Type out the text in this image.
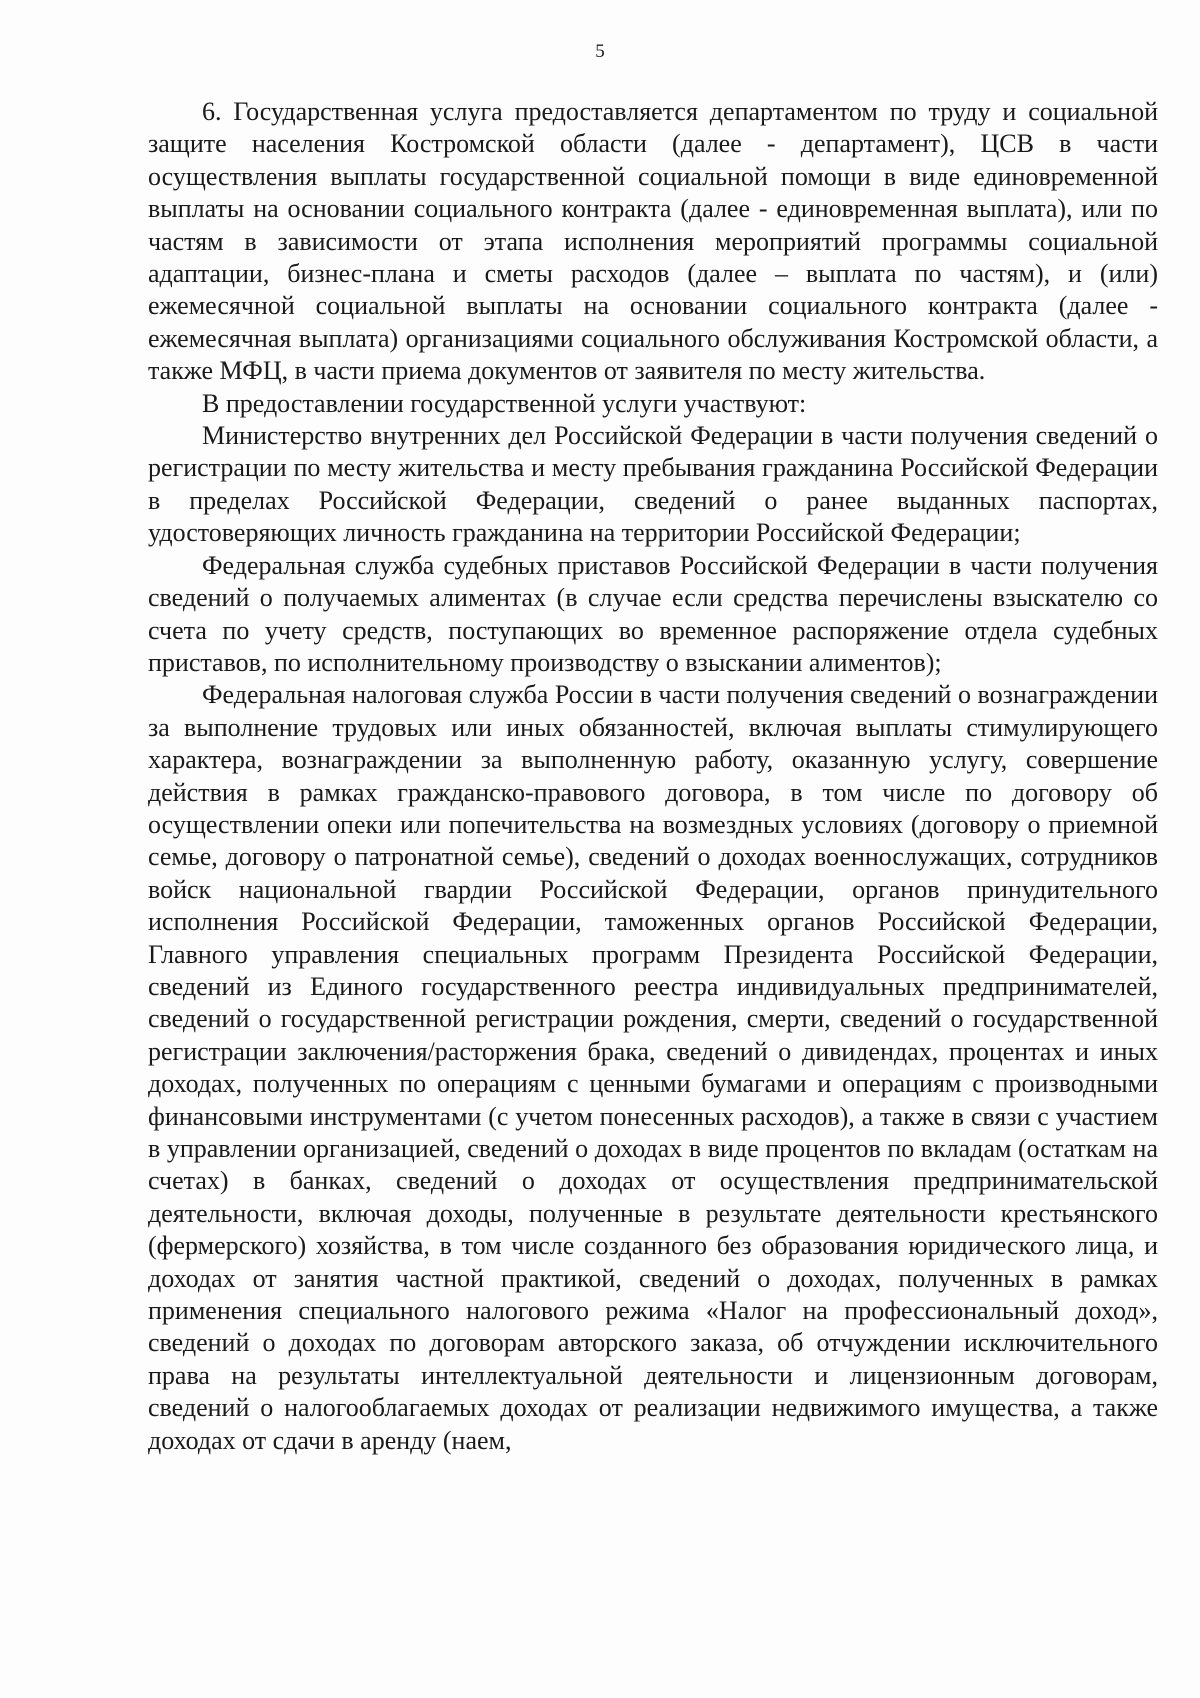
5

6. Государственная услуга предоставляется департаментом по труду и социальной защите населения Костромской области (далее - департамент), ЦСВ в части осуществления выплаты государственной социальной помощи в виде единовременной выплаты на основании социального контракта (далее - единовременная выплата), или по частям в зависимости от этапа исполнения мероприятий программы социальной адаптации, бизнес-плана и сметы расходов (далее – выплата по частям), и (или) ежемесячной социальной выплаты на основании социального контракта (далее - ежемесячная выплата) организациями социального обслуживания Костромской области, а также МФЦ, в части приема документов от заявителя по месту жительства.

В предоставлении государственной услуги участвуют:

Министерство внутренних дел Российской Федерации в части получения сведений о регистрации по месту жительства и месту пребывания гражданина Российской Федерации в пределах Российской Федерации, сведений о ранее выданных паспортах, удостоверяющих личность гражданина на территории Российской Федерации;

Федеральная служба судебных приставов Российской Федерации в части получения сведений о получаемых алиментах (в случае если средства перечислены взыскателю со счета по учету средств, поступающих во временное распоряжение отдела судебных приставов, по исполнительному производству о взыскании алиментов);

Федеральная налоговая служба России в части получения сведений о вознаграждении за выполнение трудовых или иных обязанностей, включая выплаты стимулирующего характера, вознаграждении за выполненную работу, оказанную услугу, совершение действия в рамках гражданско-правового договора, в том числе по договору об осуществлении опеки или попечительства на возмездных условиях (договору о приемной семье, договору о патронатной семье), сведений о доходах военнослужащих, сотрудников войск национальной гвардии Российской Федерации, органов принудительного исполнения Российской Федерации, таможенных органов Российской Федерации, Главного управления специальных программ Президента Российской Федерации, сведений из Единого государственного реестра индивидуальных предпринимателей, сведений о государственной регистрации рождения, смерти, сведений о государственной регистрации заключения/расторжения брака, сведений о дивидендах, процентах и иных доходах, полученных по операциям с ценными бумагами и операциям с производными финансовыми инструментами (с учетом понесенных расходов), а также в связи с участием в управлении организацией, сведений о доходах в виде процентов по вкладам (остаткам на счетах) в банках, сведений о доходах от осуществления предпринимательской деятельности, включая доходы, полученные в результате деятельности крестьянского (фермерского) хозяйства, в том числе созданного без образования юридического лица, и доходах от занятия частной практикой, сведений о доходах, полученных в рамках применения специального налогового режима «Налог на профессиональный доход», сведений о доходах по договорам авторского заказа, об отчуждении исключительного права на результаты интеллектуальной деятельности и лицензионным договорам, сведений о налогооблагаемых доходах от реализации недвижимого имущества, а также доходах от сдачи в аренду (наем,
